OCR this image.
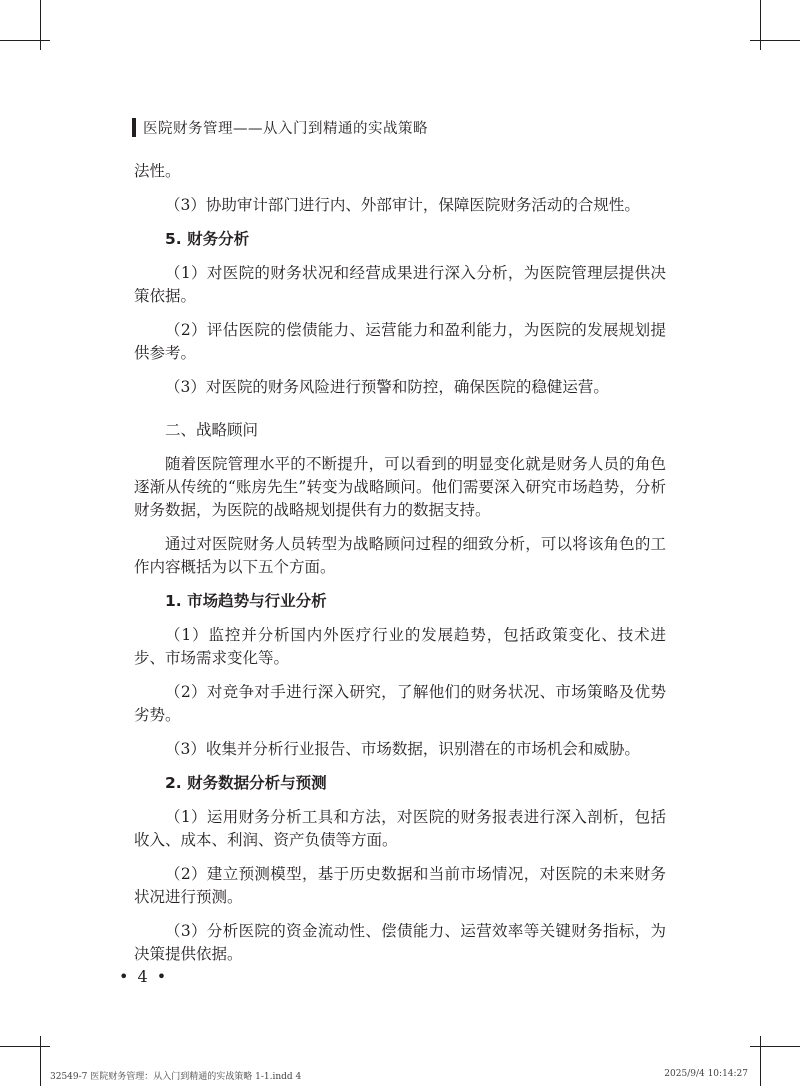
医院财务管理——从入门到精通的实战策略
法性。
（3）协助审计部门进行内、外部审计，保障医院财务活动的合规性。
5. 财务分析
（1）对医院的财务状况和经营成果进行深入分析，为医院管理层提供决策依据。
（2）评估医院的偿债能力、运营能力和盈利能力，为医院的发展规划提供参考。
（3）对医院的财务风险进行预警和防控，确保医院的稳健运营。
二、战略顾问
随着医院管理水平的不断提升，可以看到的明显变化就是财务人员的角色逐渐从传统的“账房先生”转变为战略顾问。他们需要深入研究市场趋势，分析财务数据，为医院的战略规划提供有力的数据支持。
通过对医院财务人员转型为战略顾问过程的细致分析，可以将该角色的工作内容概括为以下五个方面。
1. 市场趋势与行业分析
（1）监控并分析国内外医疗行业的发展趋势，包括政策变化、技术进步、市场需求变化等。
（2）对竞争对手进行深入研究，了解他们的财务状况、市场策略及优势劣势。
（3）收集并分析行业报告、市场数据，识别潜在的市场机会和威胁。
2. 财务数据分析与预测
（1）运用财务分析工具和方法，对医院的财务报表进行深入剖析，包括收入、成本、利润、资产负债等方面。
（2）建立预测模型，基于历史数据和当前市场情况，对医院的未来财务状况进行预测。
（3）分析医院的资金流动性、偿债能力、运营效率等关键财务指标，为决策提供依据。
• 4 •
32549-7 医院财务管理：从入门到精通的实战策略 1-1.indd 4	2025/9/4 10:14:27
